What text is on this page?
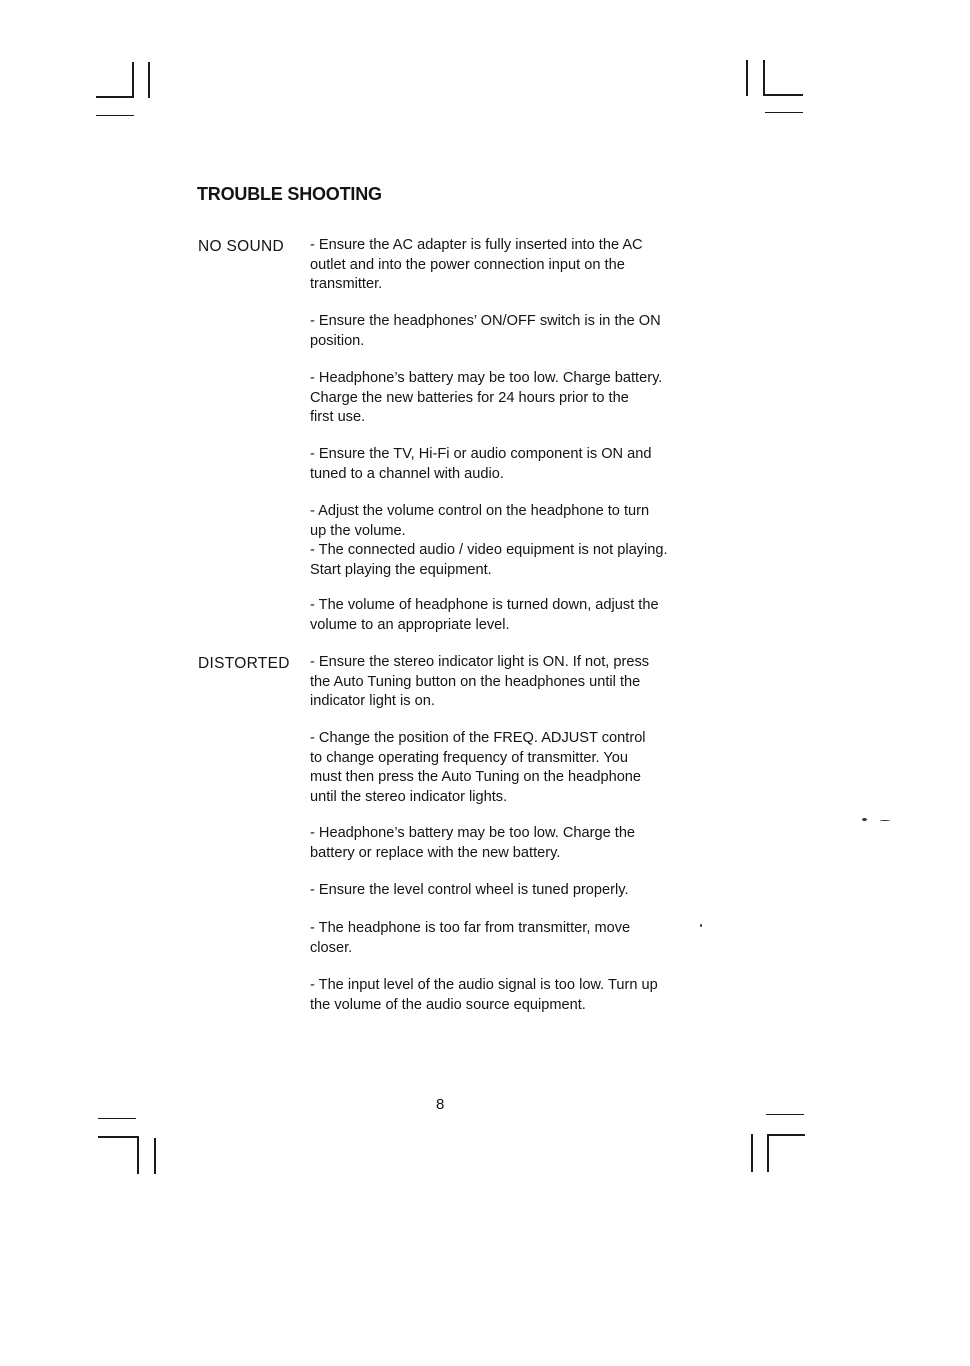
TROUBLE SHOOTING

NO SOUND - Ensure the AC adapter is fully inserted into the AC
outlet and into the power connection input on the
transmitter.

- Ensure the headphones’ ON/OFF switch is in the ON
position.

- Headphone’s battery may be too low. Charge battery.
Charge the new batteries for 24 hours prior to the
first use.

- Ensure the TV, Hi-Fi or audio component is ON and
tuned to a channel with audio.

- Adjust the volume control on the headphone to turn
up the volume.
- The connected audio / video equipment is not playing.
Start playing the equipment.

- The volume of headphone is turned down, adjust the
volume to an appropriate level.

DISTORTED - Ensure the stereo indicator light is ON. If not, press
the Auto Tuning button on the headphones until the
indicator light is on.

- Change the position of the FREQ. ADJUST control
to change operating frequency of transmitter. You
must then press the Auto Tuning on the headphone
until the stereo indicator lights.

- Headphone’s battery may be too low. Charge the
battery or replace with the new battery.

- Ensure the level control wheel is tuned properly.

- The headphone is too far from transmitter, move
closer.

- The input level of the audio signal is too low. Turn up
the volume of the audio source equipment.

8
